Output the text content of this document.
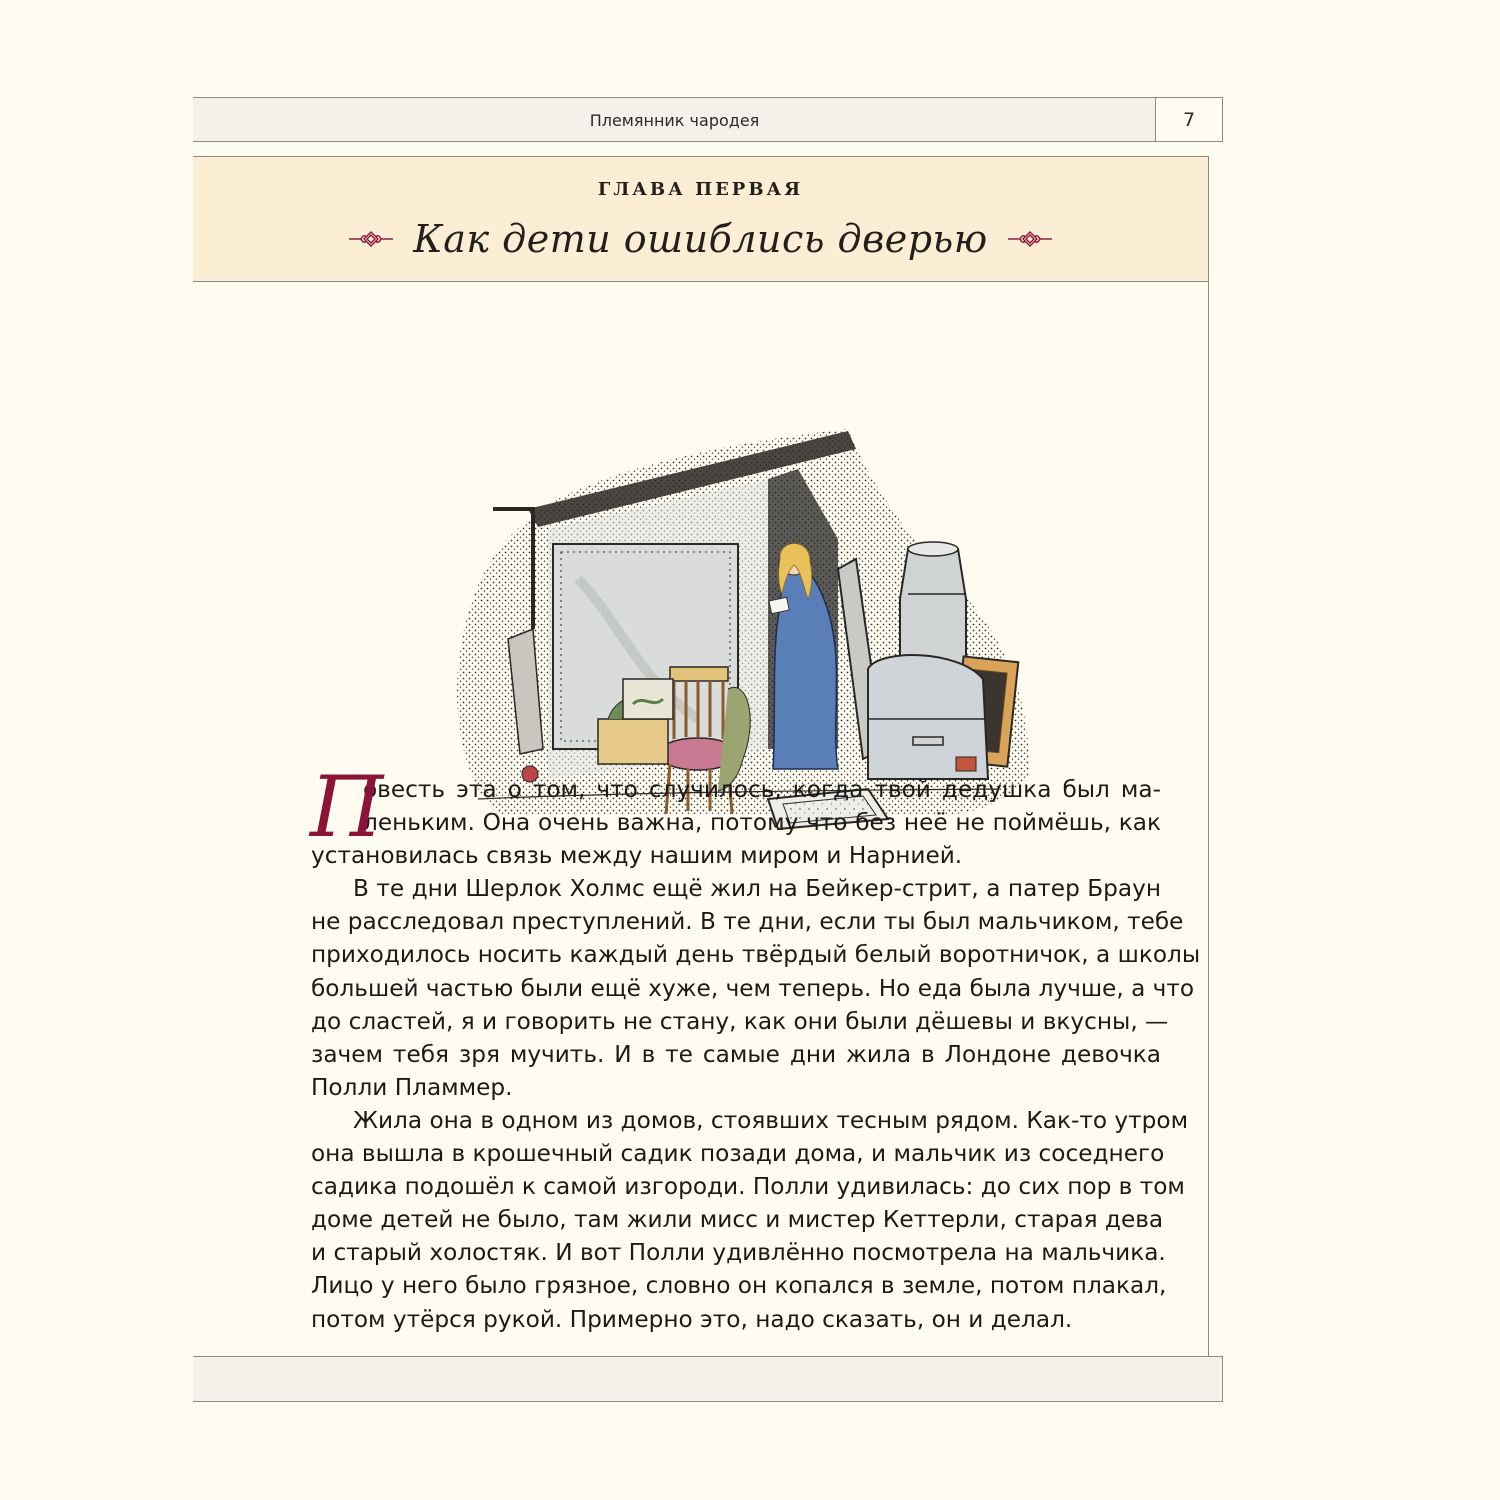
Племянник чародея	7
ГЛАВА ПЕРВАЯ
Как дети ошиблись дверью
П
овесть эта о том, что случилось, когда твой дедушка был ма-
леньким. Она очень важна, потому что без неё не поймёшь, как
установилась связь между нашим миром и Нарнией.
В те дни Шерлок Холмс ещё жил на Бейкер-стрит, а патер Браун
не расследовал преступлений. В те дни, если ты был мальчиком, тебе
приходилось носить каждый день твёрдый белый воротничок, а школы
большей частью были ещё хуже, чем теперь. Но еда была лучше, а что
до сластей, я и говорить не стану, как они были дёшевы и вкусны, —
зачем тебя зря мучить. И в те самые дни жила в Лондоне девочка
Полли Пламмер.
Жила она в одном из домов, стоявших тесным рядом. Как-то утром
она вышла в крошечный садик позади дома, и мальчик из соседнего
садика подошёл к самой изгороди. Полли удивилась: до сих пор в том
доме детей не было, там жили мисс и мистер Кеттерли, старая дева
и старый холостяк. И вот Полли удивлённо посмотрела на мальчика.
Лицо у него было грязное, словно он копался в земле, потом плакал,
потом утёрся рукой. Примерно это, надо сказать, он и делал.
